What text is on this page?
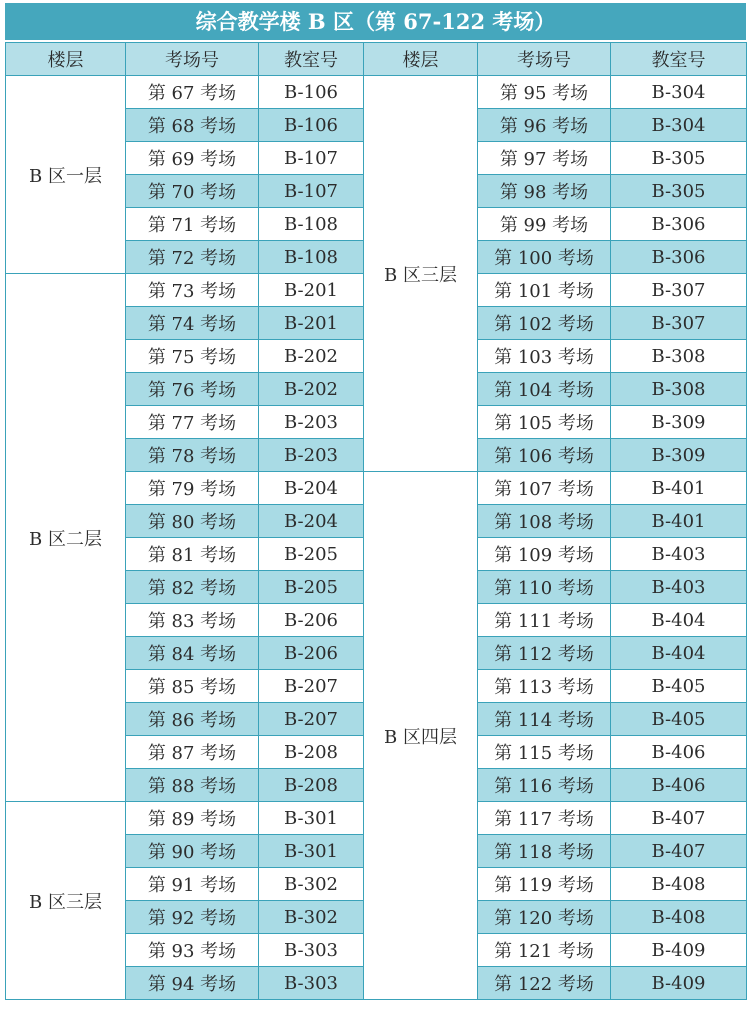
综合教学楼 B 区（第 67-122 考场）
楼层	考场号	教室号	楼层	考场号	教室号
B 区一层	第 67 考场	B-106	B 区三层	第 95 考场	B-304
	第 68 考场	B-106		第 96 考场	B-304
	第 69 考场	B-107		第 97 考场	B-305
	第 70 考场	B-107		第 98 考场	B-305
	第 71 考场	B-108		第 99 考场	B-306
	第 72 考场	B-108		第 100 考场	B-306
B 区二层	第 73 考场	B-201		第 101 考场	B-307
	第 74 考场	B-201		第 102 考场	B-307
	第 75 考场	B-202		第 103 考场	B-308
	第 76 考场	B-202		第 104 考场	B-308
	第 77 考场	B-203		第 105 考场	B-309
	第 78 考场	B-203		第 106 考场	B-309
	第 79 考场	B-204	B 区四层	第 107 考场	B-401
	第 80 考场	B-204		第 108 考场	B-401
	第 81 考场	B-205		第 109 考场	B-403
	第 82 考场	B-205		第 110 考场	B-403
	第 83 考场	B-206		第 111 考场	B-404
	第 84 考场	B-206		第 112 考场	B-404
	第 85 考场	B-207		第 113 考场	B-405
	第 86 考场	B-207		第 114 考场	B-405
	第 87 考场	B-208		第 115 考场	B-406
	第 88 考场	B-208		第 116 考场	B-406
B 区三层	第 89 考场	B-301		第 117 考场	B-407
	第 90 考场	B-301		第 118 考场	B-407
	第 91 考场	B-302		第 119 考场	B-408
	第 92 考场	B-302		第 120 考场	B-408
	第 93 考场	B-303		第 121 考场	B-409
	第 94 考场	B-303		第 122 考场	B-409
